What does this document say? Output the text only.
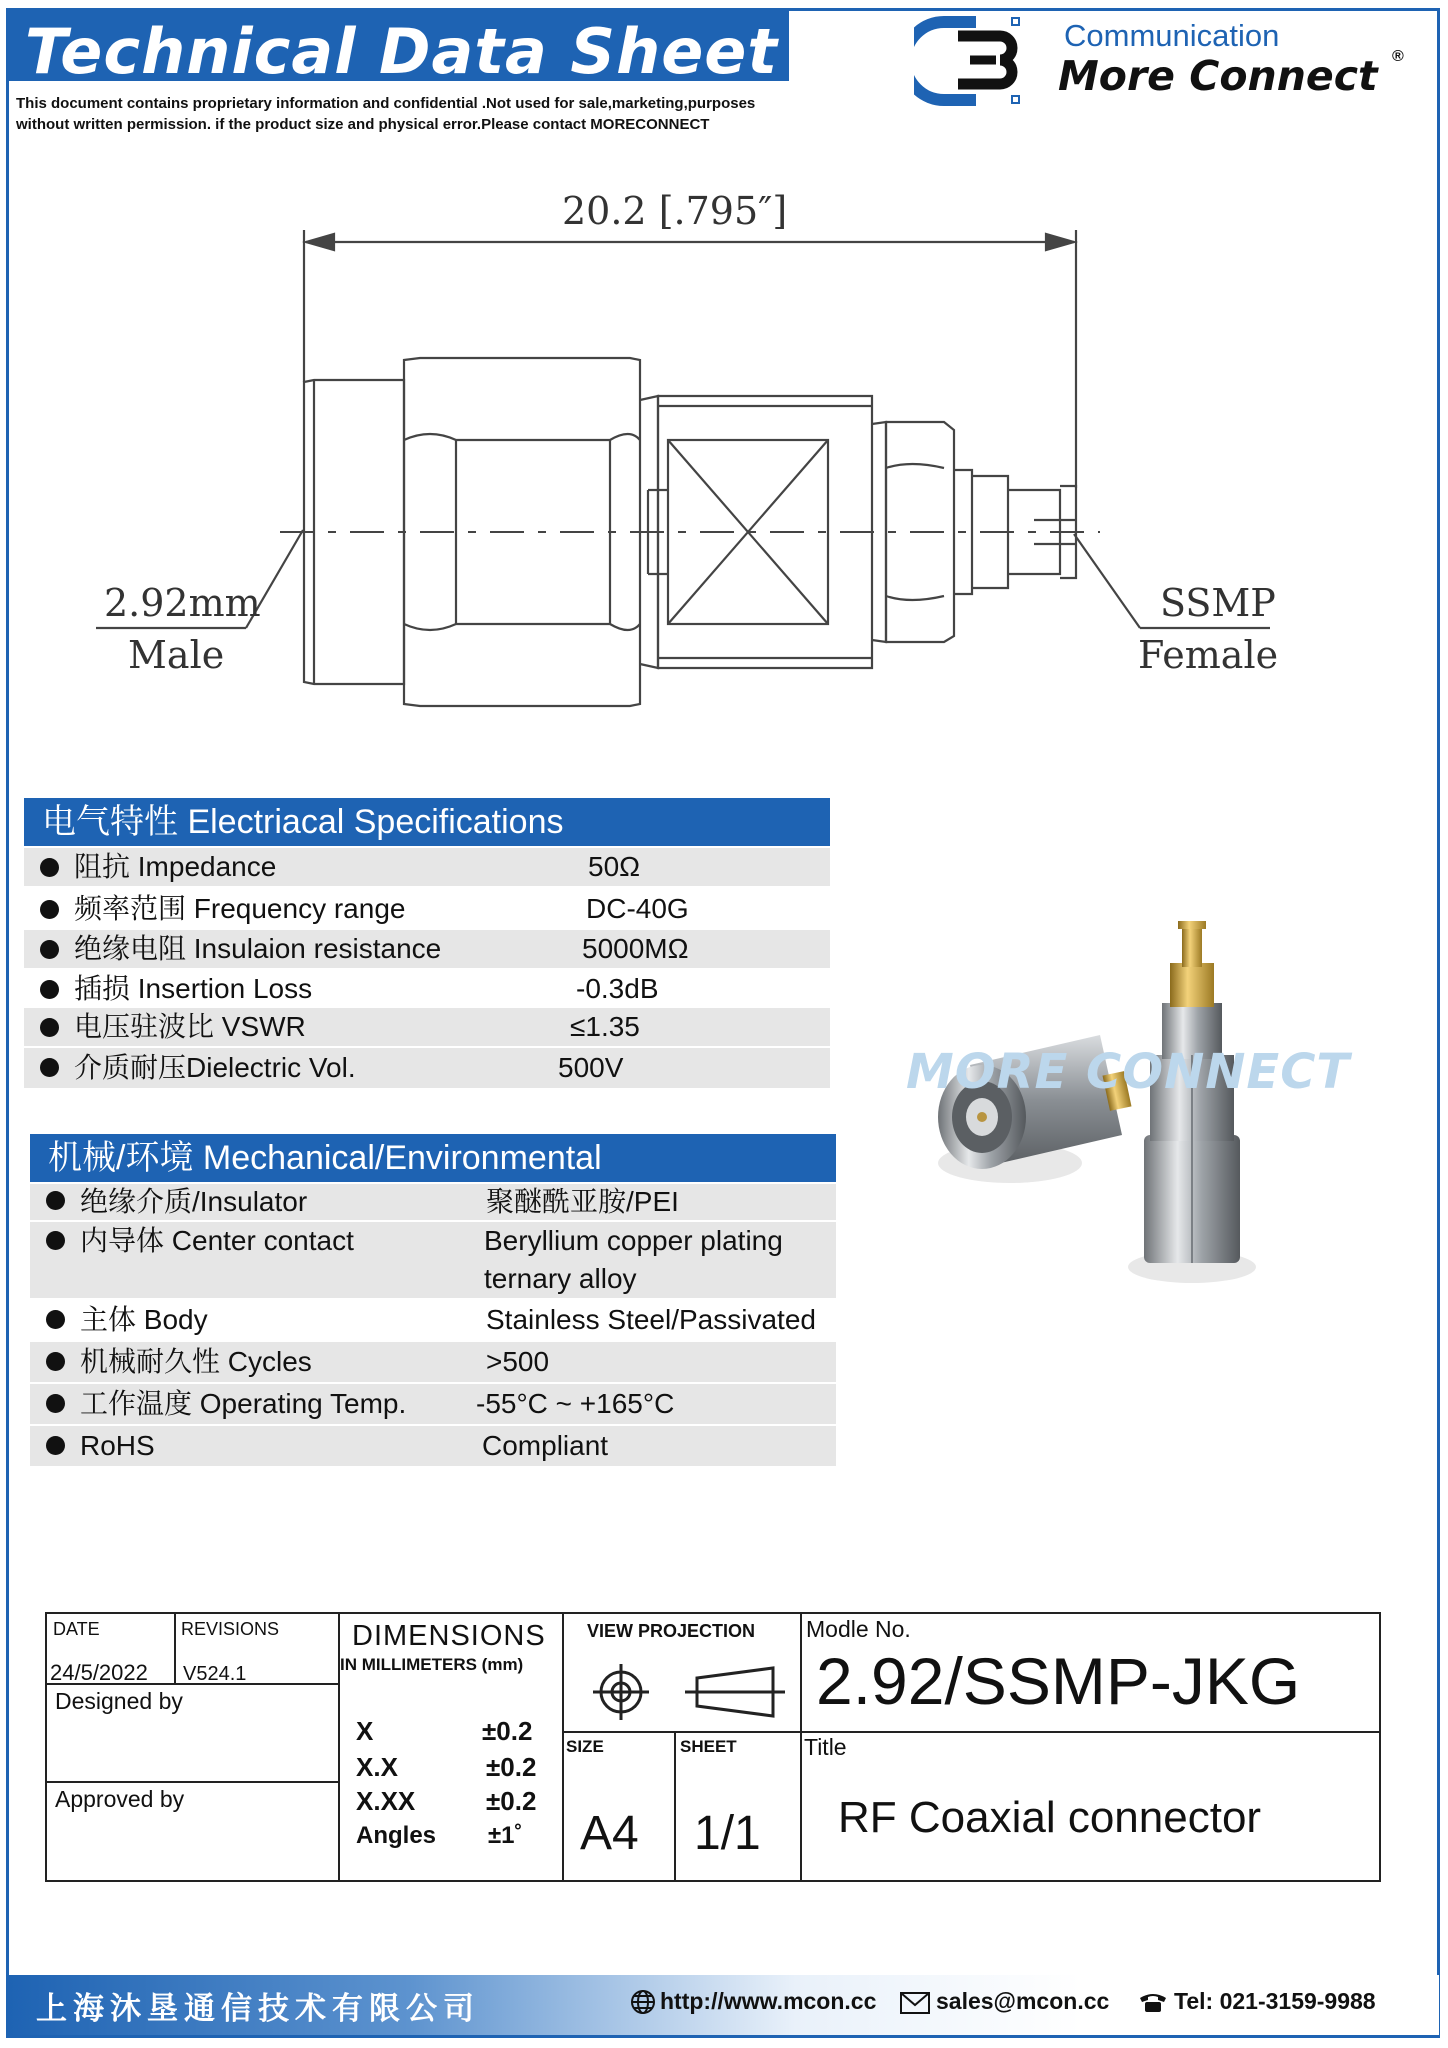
Technical Data Sheet
This document contains proprietary information and confidential .Not used for sale,marketing,purposes
without written permission. if the product size and physical error.Please contact MORECONNECT
Communication
More Connect ®
20.2 [.795″]
2.92mm
Male
SSMP
Female
电气特性 Electriacal Specifications
阻抗 Impedance	50Ω
频率范围 Frequency range	DC-40G
绝缘电阻 Insulaion resistance	5000MΩ
插损 Insertion Loss	-0.3dB
电压驻波比 VSWR	≤1.35
介质耐压Dielectric Vol.	500V
机械/环境 Mechanical/Environmental
绝缘介质/Insulator	聚醚酰亚胺/PEI
内导体 Center contact	Beryllium copper plating
ternary alloy
主体 Body	Stainless Steel/Passivated
机械耐久性 Cycles	>500
工作温度 Operating Temp. -55°C ~ +165°C
RoHS	Compliant
MORE CONNECT
DATE	REVISIONS
24/5/2022 V524.1
Designed by
Approved by
DIMENSIONS
IN MILLIMETERS (mm)
X	±0.2
X.X	±0.2
X.XX	±0.2
Angles ±1˚
VIEW PROJECTION
SIZE	SHEET
A4 1/1
Modle No.
2.92/SSMP-JKG
Title
RF Coaxial connector
上海沐垦通信技术有限公司	http://www.mcon.cc	sales@mcon.cc	Tel: 021-3159-9988
